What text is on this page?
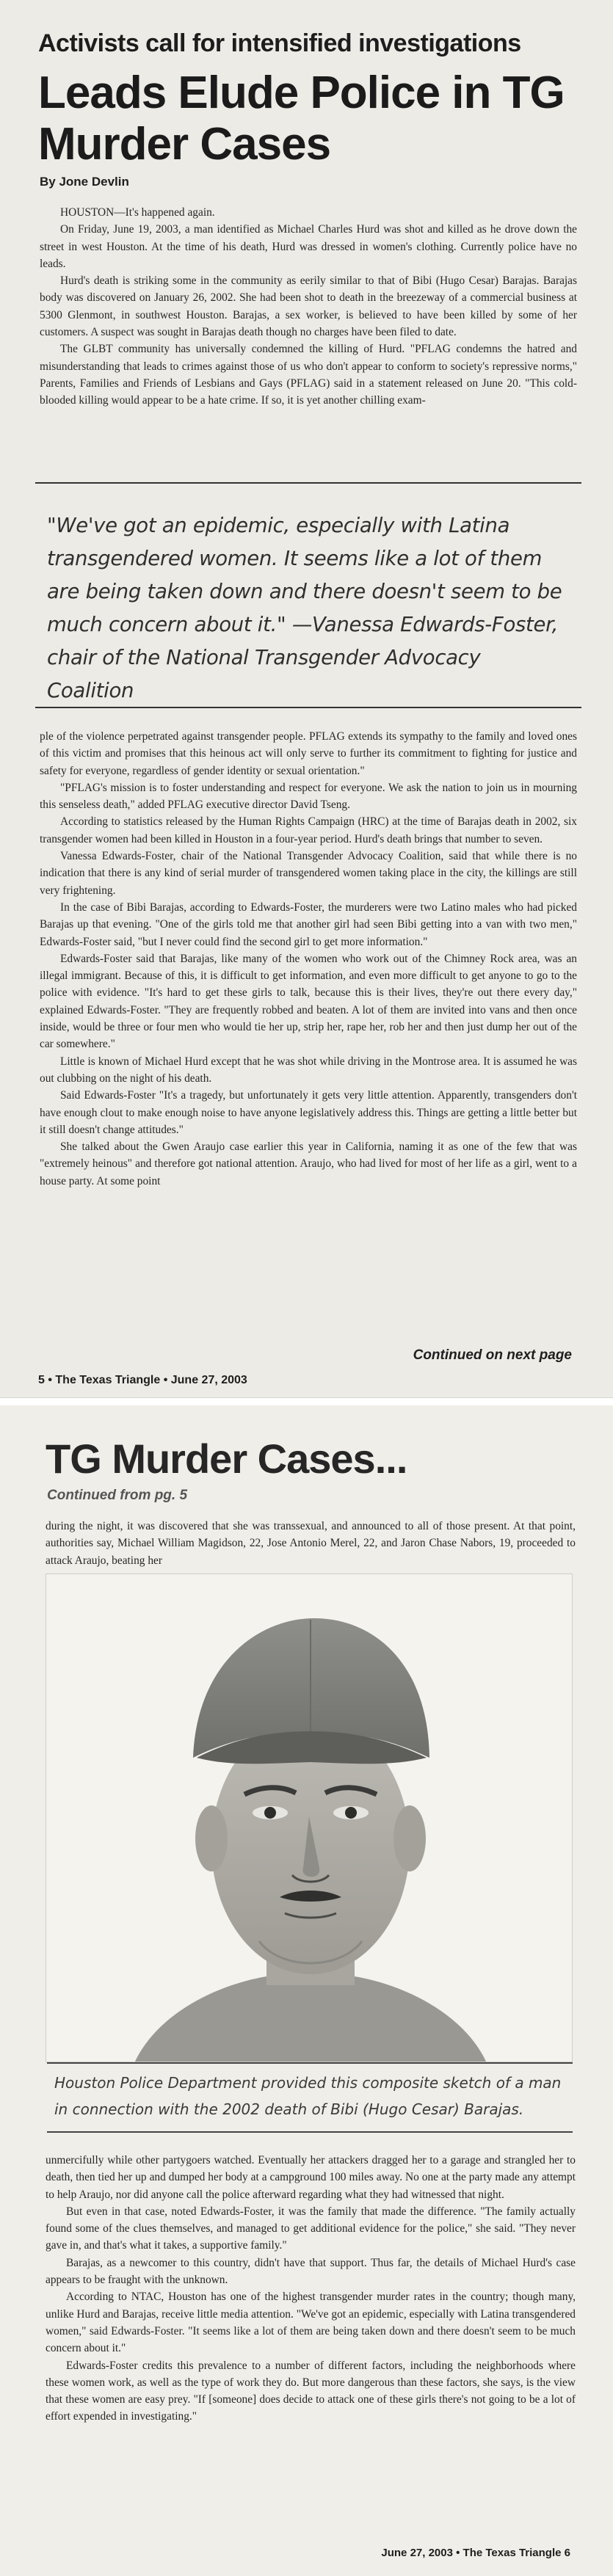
Activists call for intensified investigations
Leads Elude Police in TG Murder Cases
By Jone Devlin

HOUSTON—It's happened again.

On Friday, June 19, 2003, a man identified as Michael Charles Hurd was shot and killed as he drove down the street in west Houston. At the time of his death, Hurd was dressed in women's clothing. Currently police have no leads.

Hurd's death is striking some in the community as eerily similar to that of Bibi (Hugo Cesar) Barajas. Barajas body was discovered on January 26, 2002. She had been shot to death in the breezeway of a commercial business at 5300 Glenmont, in southwest Houston. Barajas, a sex worker, is believed to have been killed by some of her customers. A suspect was sought in Barajas death though no charges have been filed to date.

The GLBT community has universally condemned the killing of Hurd. "PFLAG condemns the hatred and misunderstanding that leads to crimes against those of us who don't appear to conform to society's repressive norms," Parents, Families and Friends of Lesbians and Gays (PFLAG) said in a statement released on June 20. "This cold-blooded killing would appear to be a hate crime. If so, it is yet another chilling exam-

"We've got an epidemic, especially with Latina transgendered women. It seems like a lot of them are being taken down and there doesn't seem to be much concern about it." —Vanessa Edwards-Foster, chair of the National Transgender Advocacy Coalition

ple of the violence perpetrated against transgender people. PFLAG extends its sympathy to the family and loved ones of this victim and promises that this heinous act will only serve to further its commitment to fighting for justice and safety for everyone, regardless of gender identity or sexual orientation."

"PFLAG's mission is to foster understanding and respect for everyone. We ask the nation to join us in mourning this senseless death," added PFLAG executive director David Tseng.

According to statistics released by the Human Rights Campaign (HRC) at the time of Barajas death in 2002, six transgender women had been killed in Houston in a four-year period. Hurd's death brings that number to seven.

Vanessa Edwards-Foster, chair of the National Transgender Advocacy Coalition, said that while there is no indication that there is any kind of serial murder of transgendered women taking place in the city, the killings are still very frightening.

In the case of Bibi Barajas, according to Edwards-Foster, the murderers were two Latino males who had picked Barajas up that evening. "One of the girls told me that another girl had seen Bibi getting into a van with two men," Edwards-Foster said, "but I never could find the second girl to get more information."

Edwards-Foster said that Barajas, like many of the women who work out of the Chimney Rock area, was an illegal immigrant. Because of this, it is difficult to get information, and even more difficult to get anyone to go to the police with evidence. "It's hard to get these girls to talk, because this is their lives, they're out there every day," explained Edwards-Foster. "They are frequently robbed and beaten. A lot of them are invited into vans and then once inside, would be three or four men who would tie her up, strip her, rape her, rob her and then just dump her out of the car somewhere."

Little is known of Michael Hurd except that he was shot while driving in the Montrose area. It is assumed he was out clubbing on the night of his death.

Said Edwards-Foster "It's a tragedy, but unfortunately it gets very little attention. Apparently, transgenders don't have enough clout to make enough noise to have anyone legislatively address this. Things are getting a little better but it still doesn't change attitudes."

She talked about the Gwen Araujo case earlier this year in California, naming it as one of the few that was "extremely heinous" and therefore got national attention. Araujo, who had lived for most of her life as a girl, went to a house party. At some point

Continued on next page
5 • The Texas Triangle • June 27, 2003
TG Murder Cases...
Continued from pg. 5

during the night, it was discovered that she was transsexual, and announced to all of those present. At that point, authorities say, Michael William Magidson, 22, Jose Antonio Merel, 22, and Jaron Chase Nabors, 19, proceeded to attack Araujo, beating her

Houston Police Department provided this composite sketch of a man in connection with the 2002 death of Bibi (Hugo Cesar) Barajas.

unmercifully while other partygoers watched. Eventually her attackers dragged her to a garage and strangled her to death, then tied her up and dumped her body at a campground 100 miles away. No one at the party made any attempt to help Araujo, nor did anyone call the police afterward regarding what they had witnessed that night.

But even in that case, noted Edwards-Foster, it was the family that made the difference. "The family actually found some of the clues themselves, and managed to get additional evidence for the police," she said. "They never gave in, and that's what it takes, a supportive family."

Barajas, as a newcomer to this country, didn't have that support. Thus far, the details of Michael Hurd's case appears to be fraught with the unknown.

According to NTAC, Houston has one of the highest transgender murder rates in the country; though many, unlike Hurd and Barajas, receive little media attention. "We've got an epidemic, especially with Latina transgendered women," said Edwards-Foster. "It seems like a lot of them are being taken down and there doesn't seem to be much concern about it."

Edwards-Foster credits this prevalence to a number of different factors, including the neighborhoods where these women work, as well as the type of work they do. But more dangerous than these factors, she says, is the view that these women are easy prey. "If [someone] does decide to attack one of these girls there's not going to be a lot of effort expended in investigating."

June 27, 2003 • The Texas Triangle 6
